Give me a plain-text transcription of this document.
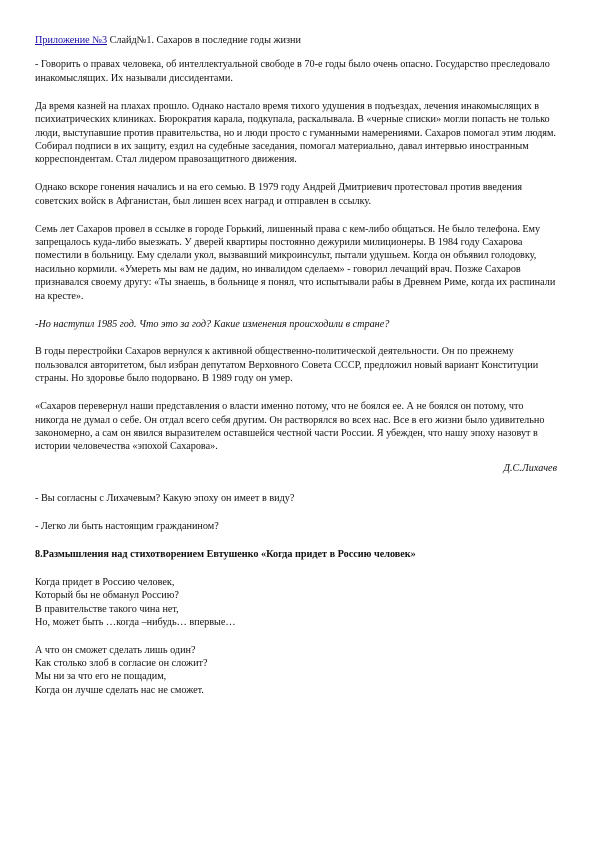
Приложение №3 Слайд№1. Сахаров в последние годы жизни

- Говорить о правах человека, об интеллектуальной свободе в 70-е годы было очень опасно. Государство преследовало инакомыслящих. Их называли диссидентами.

Да время казней на плахах прошло. Однако настало время тихого удушения в подъездах, лечения инакомыслящих в психиатрических клиниках. Бюрократия карала, подкупала, раскалывала. В «черные списки» могли попасть не только люди, выступавшие против правительства, но и люди просто с гуманными намерениями. Сахаров помогал этим людям. Собирал подписи в их защиту, ездил на судебные заседания, помогал материально, давал интервью иностранным корреспондентам. Стал лидером правозащитного движения.

Однако вскоре гонения начались и на его семью. В 1979 году Андрей Дмитриевич протестовал против введения советских войск в Афганистан, был лишен всех наград и отправлен в ссылку.

Семь лет Сахаров провел в ссылке в городе Горький, лишенный права с кем-либо общаться. Не было телефона. Ему запрещалось куда-либо выезжать. У дверей квартиры постоянно дежурили милиционеры. В 1984 году Сахарова поместили в больницу. Ему сделали укол, вызвавший микроинсульт, пытали удушьем. Когда он объявил голодовку, насильно кормили. «Умереть мы вам не дадим, но инвалидом сделаем» - говорил лечащий врач. Позже Сахаров признавался своему другу: «Ты знаешь, в больнице я понял, что испытывали рабы в Древнем Риме, когда их распинали на кресте».

-Но наступил 1985 год. Что это за год? Какие изменения происходили в стране?

В годы перестройки Сахаров вернулся к активной общественно-политической деятельности. Он по прежнему пользовался авторитетом, был избран депутатом Верховного Совета СССР, предложил новый вариант Конституции страны. Но здоровье было подорвано. В 1989 году он умер.

«Сахаров перевернул наши представления о власти именно потому, что не боялся ее. А не боялся он потому, что никогда не думал о себе. Он отдал всего себя другим. Он растворялся во всех нас. Все в его жизни было удивительно закономерно, а сам он явился выразителем оставшейся честной части России. Я убежден, что нашу эпоху назовут в истории человечества «эпохой Сахарова».

Д.С.Лихачев

- Вы согласны с Лихачевым? Какую эпоху он имеет в виду?

- Легко ли быть настоящим гражданином?

8.Размышления над стихотворением Евтушенко «Когда придет в Россию человек»

Когда придет в Россию человек,
Который бы не обманул Россию?
В правительстве такого чина нет,
Но, может быть …когда –нибудь… впервые…
А что он сможет сделать лишь один?
Как столько злоб в согласие он сложит?
Мы ни за что его не пощадим,
Когда он лучше сделать нас не сможет.
